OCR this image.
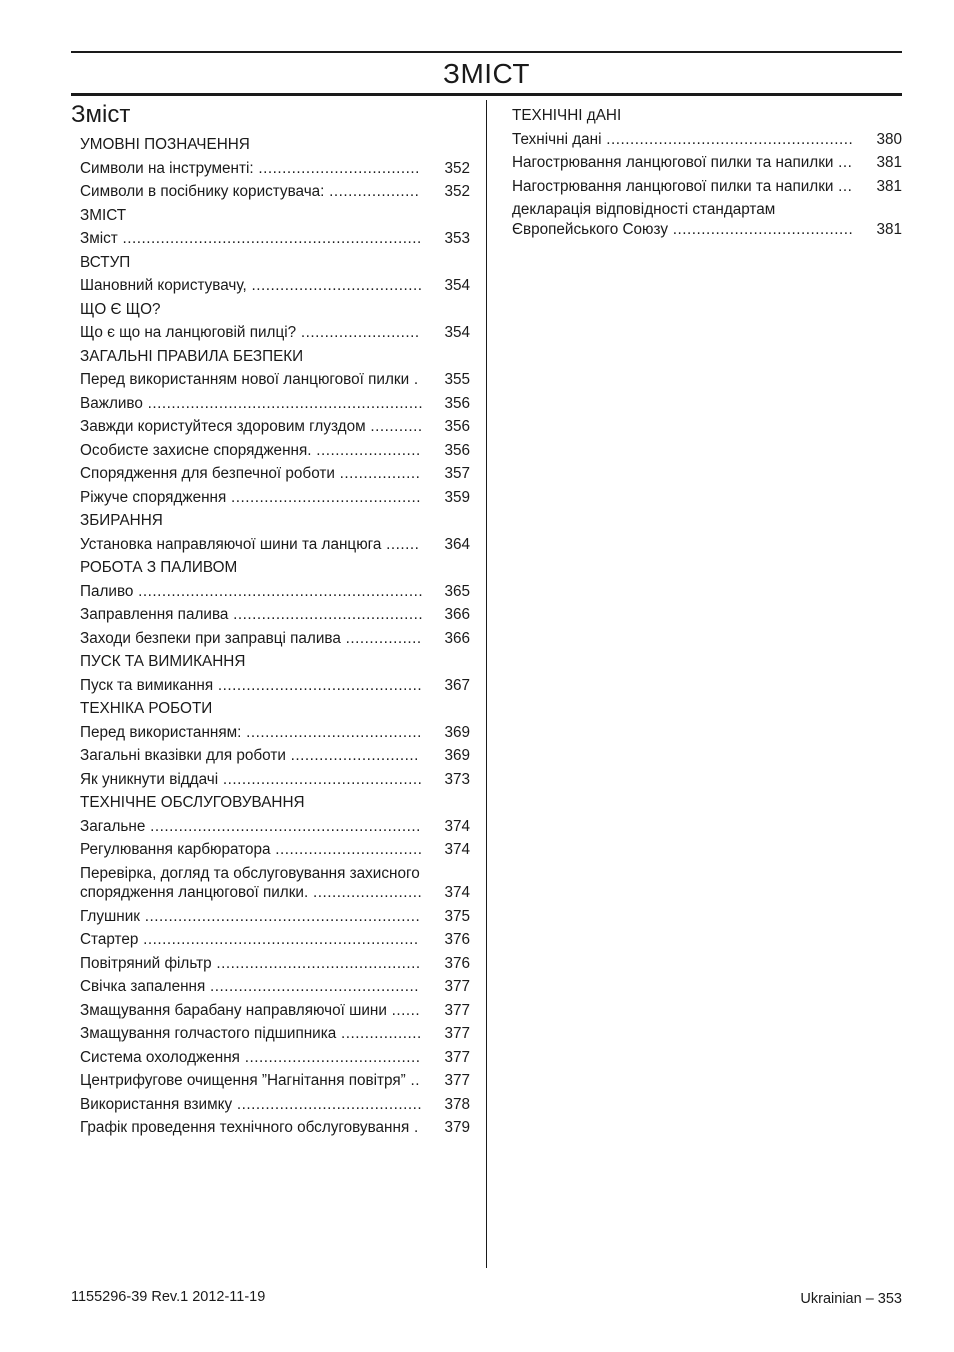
ЗМІСТ
Зміст
УМОВНІ ПОЗНАЧЕННЯ
Символи на інструменті: ..................................	352
Символи в посібнику користувача: ...................	352
ЗМІСТ
Зміст ...............................................................	353
ВСТУП
Шановний користувачу, ....................................	354
ЩО Є ЩО?
Що є що на ланцюговій пилці? .........................	354
ЗАГАЛЬНІ ПРАВИЛА БЕЗПЕКИ
Перед використанням нової ланцюгової пилки .	355
Важливо ..........................................................	356
Завжди користуйтеся здоровим глуздом ...........	356
Особисте захисне спорядження. ......................	356
Спорядження для безпечної роботи .................	357
Ріжуче спорядження ........................................	359
ЗБИРАННЯ
Установка направляючої шини та ланцюга .......	364
РОБОТА З ПАЛИВОМ
Паливо ............................................................	365
Заправлення палива ........................................	366
Заходи безпеки при заправці палива ................	366
ПУСК ТА ВИМИКАННЯ
Пуск та вимикання ...........................................	367
ТЕХНІКА РОБОТИ
Перед використанням: .....................................	369
Загальні вказівки для роботи ...........................	369
Як уникнути віддачі ..........................................	373
ТЕХНІЧНЕ ОБСЛУГОВУВАННЯ
Загальне .........................................................	374
Регулювання карбюратора ...............................	374
Перевірка, догляд та обслуговування захисного спорядження ланцюгової пилки. .......................	374
Глушник ..........................................................	375
Стартер ..........................................................	376
Повітряний фільтр ...........................................	376
Свічка запалення ............................................	377
Змащування барабану направляючої шини ......	377
Змащування голчастого підшипника .................	377
Система охолодження .....................................	377
Центрифугове очищення ”Нагнітання повітря” ..	377
Використання взимку .......................................	378
Графік проведення технічного обслуговування .	379
ТЕХНІЧНІ дАНІ
Технічні дані ....................................................	380
Нагострювання ланцюгової пилки та напилки ...	381
Нагострювання ланцюгової пилки та напилки ...	381
декларація відповідності стандартам Європейського Союзу ......................................	381
1155296-39 Rev.1 2012-11-19	Ukrainian – 353
